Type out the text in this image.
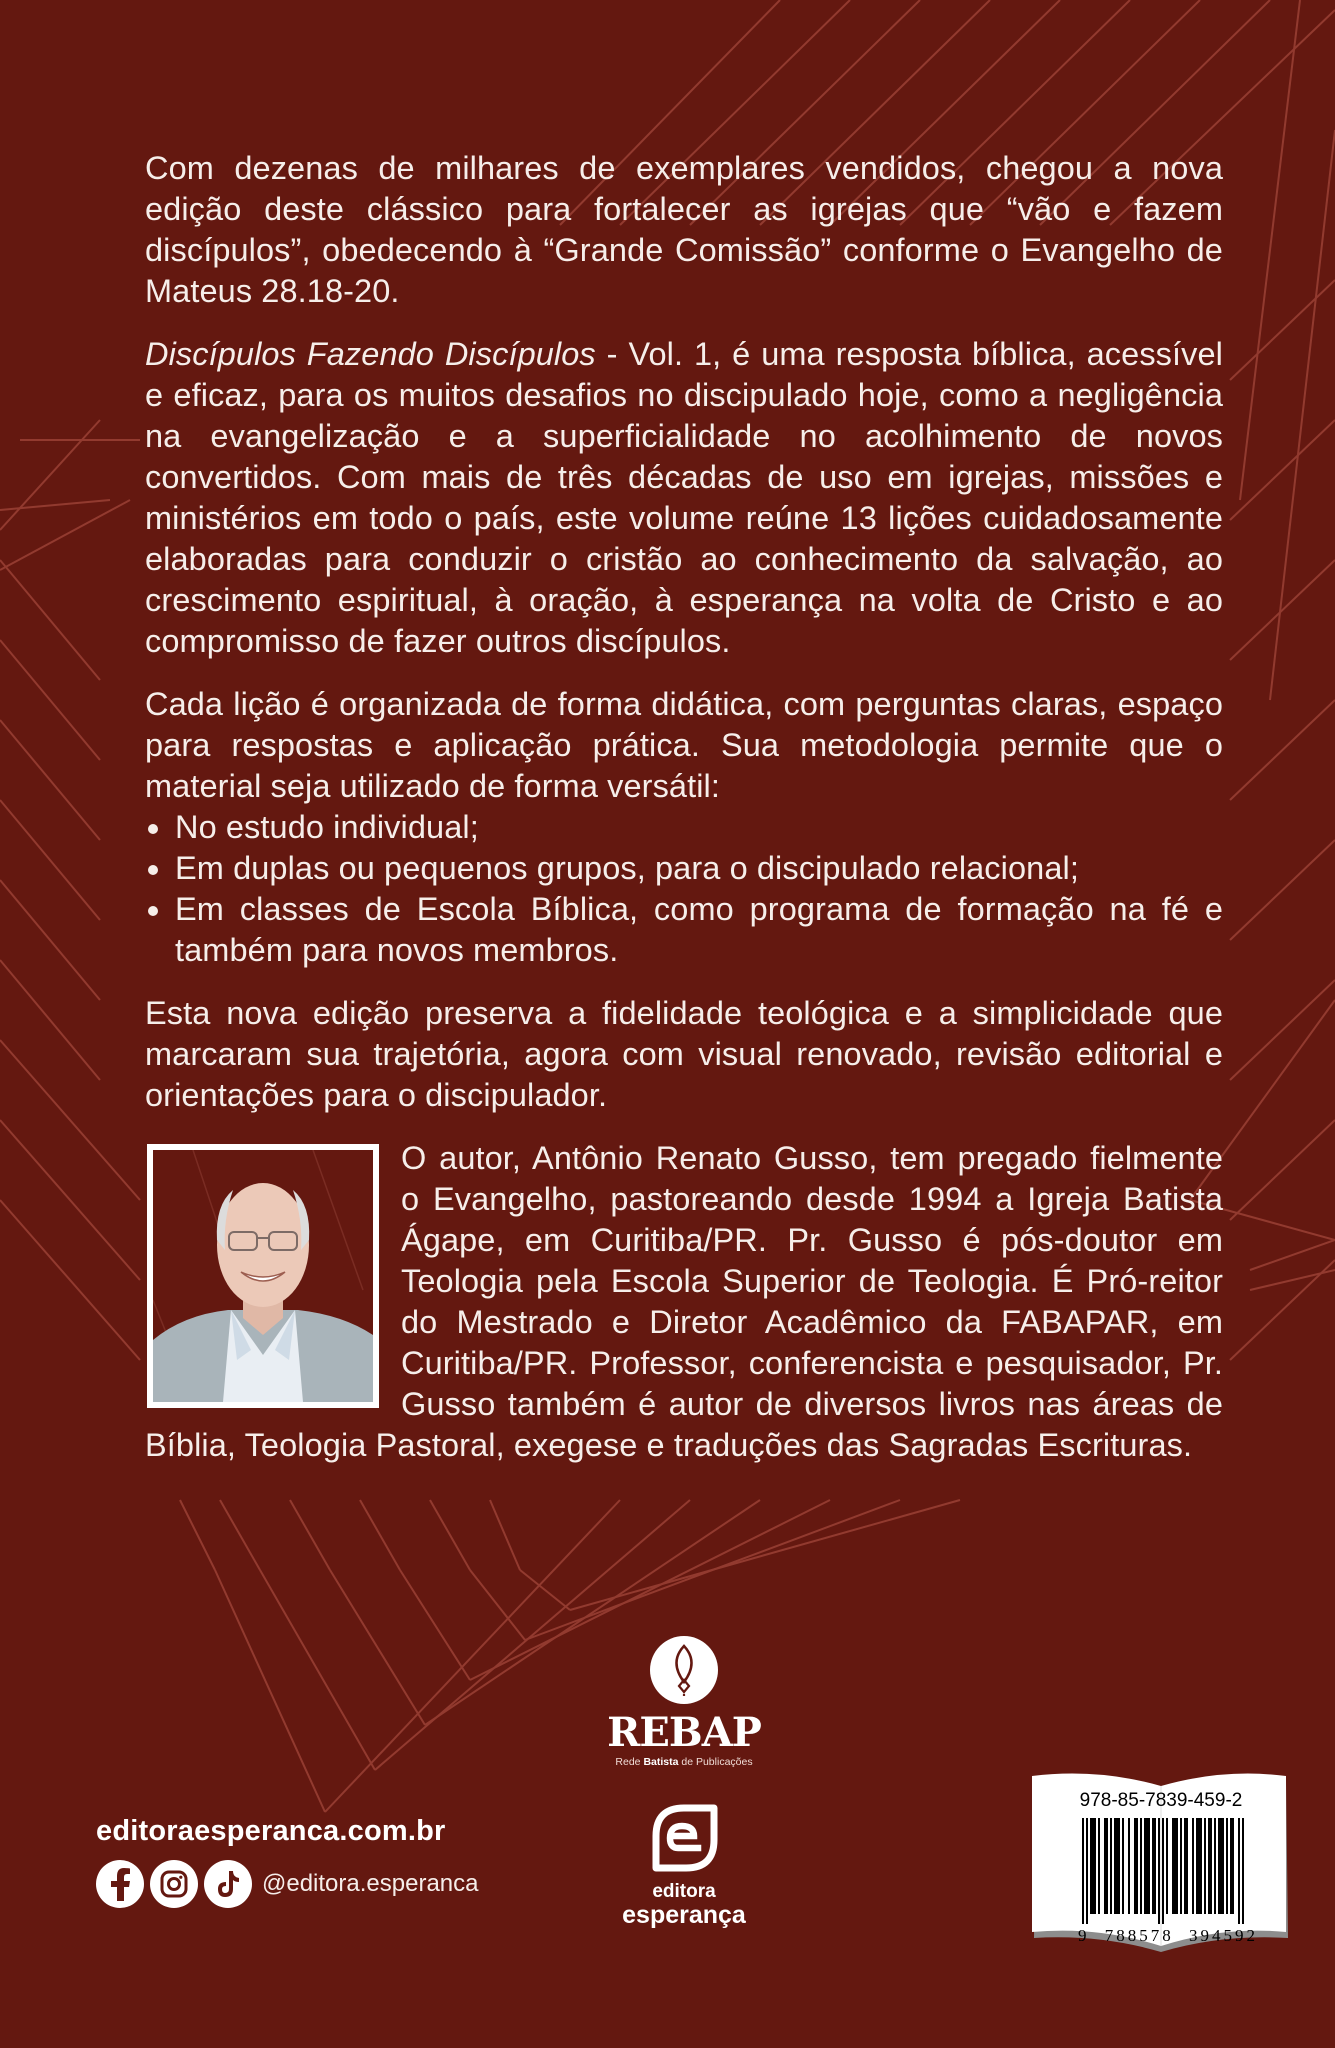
Com dezenas de milhares de exemplares vendidos, chegou a nova edição deste clássico para fortalecer as igrejas que “vão e fazem discípulos”, obedecendo à “Grande Comissão” conforme o Evangelho de Mateus 28.18-20.

Discípulos Fazendo Discípulos - Vol. 1, é uma resposta bíblica, acessível e eficaz, para os muitos desafios no discipulado hoje, como a negligência na evangelização e a superficialidade no acolhimento de novos convertidos. Com mais de três décadas de uso em igrejas, missões e ministérios em todo o país, este volume reúne 13 lições cuidadosamente elaboradas para conduzir o cristão ao conhecimento da salvação, ao crescimento espiritual, à oração, à esperança na volta de Cristo e ao compromisso de fazer outros discípulos.

Cada lição é organizada de forma didática, com perguntas claras, espaço para respostas e aplicação prática. Sua metodologia permite que o material seja utilizado de forma versátil:

No estudo individual;
Em duplas ou pequenos grupos, para o discipulado relacional;
Em classes de Escola Bíblica, como programa de formação na fé e também para novos membros.

Esta nova edição preserva a fidelidade teológica e a simplicidade que marcaram sua trajetória, agora com visual renovado, revisão editorial e orientações para o discipulador.

O autor, Antônio Renato Gusso, tem pregado fielmente o Evangelho, pastoreando desde 1994 a Igreja Batista Ágape, em Curitiba/PR. Pr. Gusso é pós-doutor em Teologia pela Escola Superior de Teologia. É Pró-reitor do Mestrado e Diretor Acadêmico da FABAPAR, em Curitiba/PR. Professor, conferencista e pesquisador, Pr. Gusso também é autor de diversos livros nas áreas de Bíblia, Teologia Pastoral, exegese e traduções das Sagradas Escrituras.

REBAP
Rede Batista de Publicações
editora
esperança
editoraesperanca.com.br
@editora.esperanca
978-85-7839-459-2
9 788578 394592
